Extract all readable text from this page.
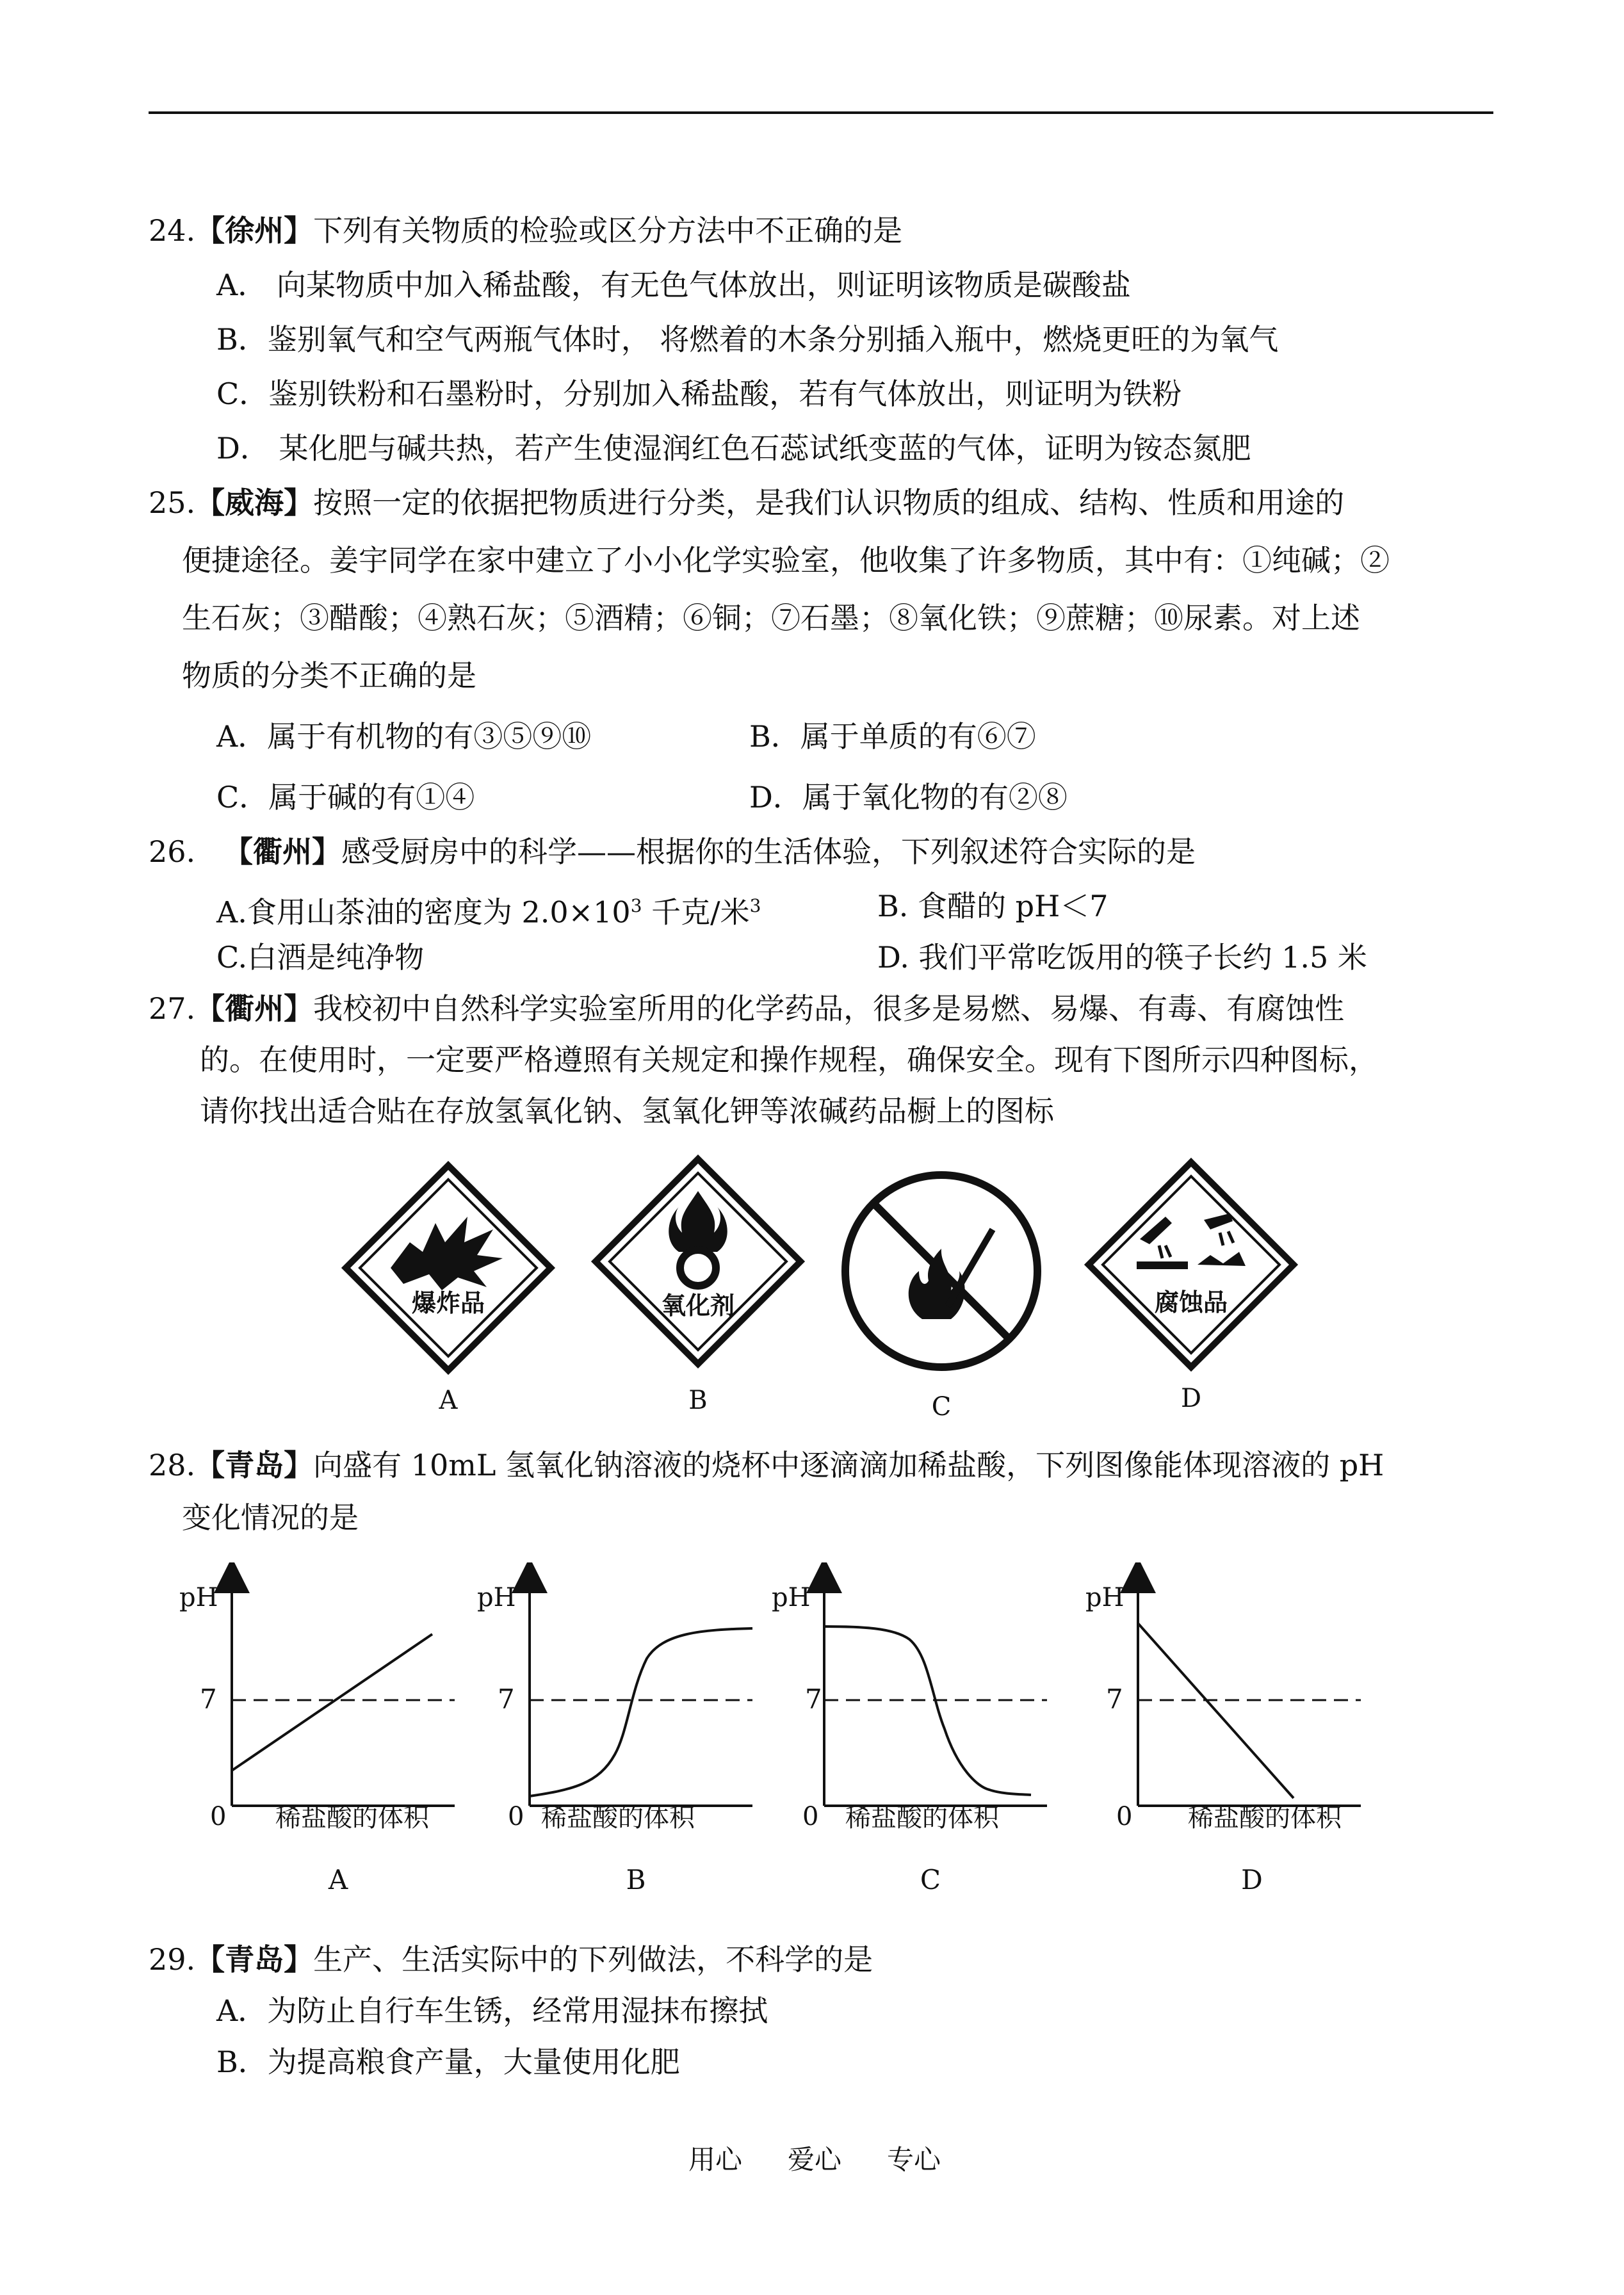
24.【徐州】下列有关物质的检验或区分方法中不正确的是
A． 向某物质中加入稀盐酸，有无色气体放出，则证明该物质是碳酸盐
B．鉴别氧气和空气两瓶气体时， 将燃着的木条分别插入瓶中，燃烧更旺的为氧气
C．鉴别铁粉和石墨粉时，分别加入稀盐酸，若有气体放出，则证明为铁粉
D． 某化肥与碱共热，若产生使湿润红色石蕊试纸变蓝的气体，证明为铵态氮肥
25.【威海】按照一定的依据把物质进行分类，是我们认识物质的组成、结构、性质和用途的
便捷途径。姜宇同学在家中建立了小小化学实验室，他收集了许多物质，其中有：①纯碱；②
生石灰；③醋酸；④熟石灰；⑤酒精；⑥铜；⑦石墨；⑧氧化铁；⑨蔗糖；⑩尿素。对上述
物质的分类不正确的是
A．属于有机物的有③⑤⑨⑩	B．属于单质的有⑥⑦
C．属于碱的有①④	D．属于氧化物的有②⑧
26. 【衢州】感受厨房中的科学——根据你的生活体验，下列叙述符合实际的是
A.食用山茶油的密度为 $2.0\times 10^3$ 千克/米$^3$	B. 食醋的 pH＜7
C.白酒是纯净物	D. 我们平常吃饭用的筷子长约 1.5 米
27.【衢州】我校初中自然科学实验室所用的化学药品，很多是易燃、易爆、有毒、有腐蚀性
的。在使用时，一定要严格遵照有关规定和操作规程，确保安全。现有下图所示四种图标，
请你找出适合贴在存放氢氧化钠、氢氧化钾等浓碱药品橱上的图标
爆炸品
A
氧化剂
B	C
腐蚀品
D
28.【青岛】向盛有 10mL 氢氧化钠溶液的烧杯中逐滴滴加稀盐酸，下列图像能体现溶液的 pH
变化情况的是
pH
7
0 稀盐酸的体积
A
pH
7
0 稀盐酸的体积
B
pH
7
0 稀盐酸的体积
C
pH
7
0 稀盐酸的体积
D
29.【青岛】生产、生活实际中的下列做法，不科学的是
A．为防止自行车生锈，经常用湿抹布擦拭
B．为提高粮食产量，大量使用化肥
用心 爱心 专心
